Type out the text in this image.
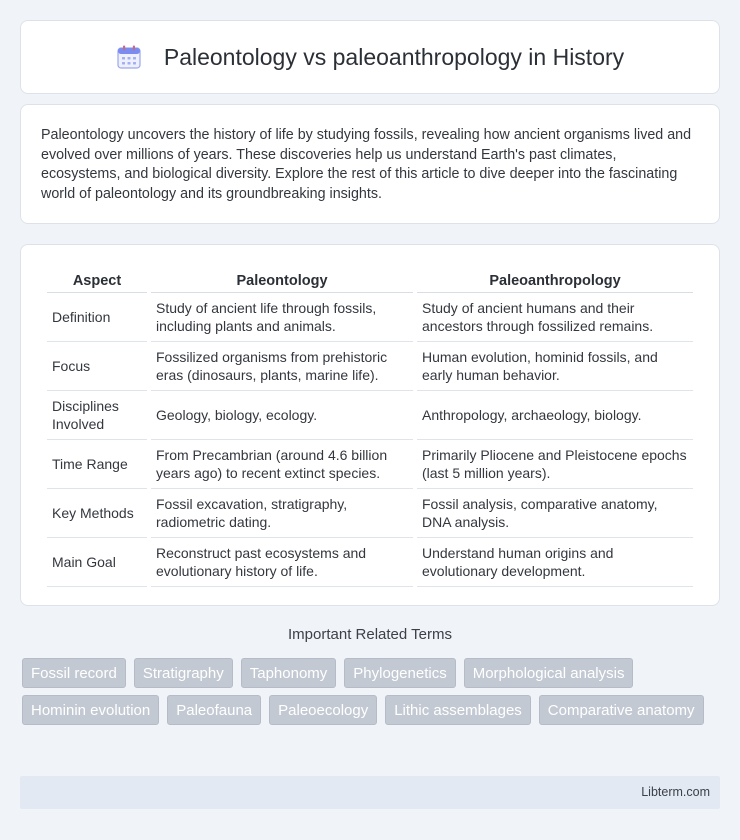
Paleontology vs paleoanthropology in History

Paleontology uncovers the history of life by studying fossils, revealing how ancient organisms lived and evolved over millions of years. These discoveries help us understand Earth's past climates, ecosystems, and biological diversity. Explore the rest of this article to dive deeper into the fascinating world of paleontology and its groundbreaking insights.

Aspect	Paleontology	Paleoanthropology
Definition	Study of ancient life through fossils, including plants and animals.	Study of ancient humans and their ancestors through fossilized remains.
Focus	Fossilized organisms from prehistoric eras (dinosaurs, plants, marine life).	Human evolution, hominid fossils, and early human behavior.
Disciplines Involved	Geology, biology, ecology.	Anthropology, archaeology, biology.
Time Range	From Precambrian (around 4.6 billion years ago) to recent extinct species.	Primarily Pliocene and Pleistocene epochs (last 5 million years).
Key Methods	Fossil excavation, stratigraphy, radiometric dating.	Fossil analysis, comparative anatomy, DNA analysis.
Main Goal	Reconstruct past ecosystems and evolutionary history of life.	Understand human origins and evolutionary development.
Important Related Terms
Fossil record	Stratigraphy	Taphonomy	Phylogenetics	Morphological analysis
Hominin evolution	Paleofauna	Paleoecology	Lithic assemblages	Comparative anatomy
Libterm.com
